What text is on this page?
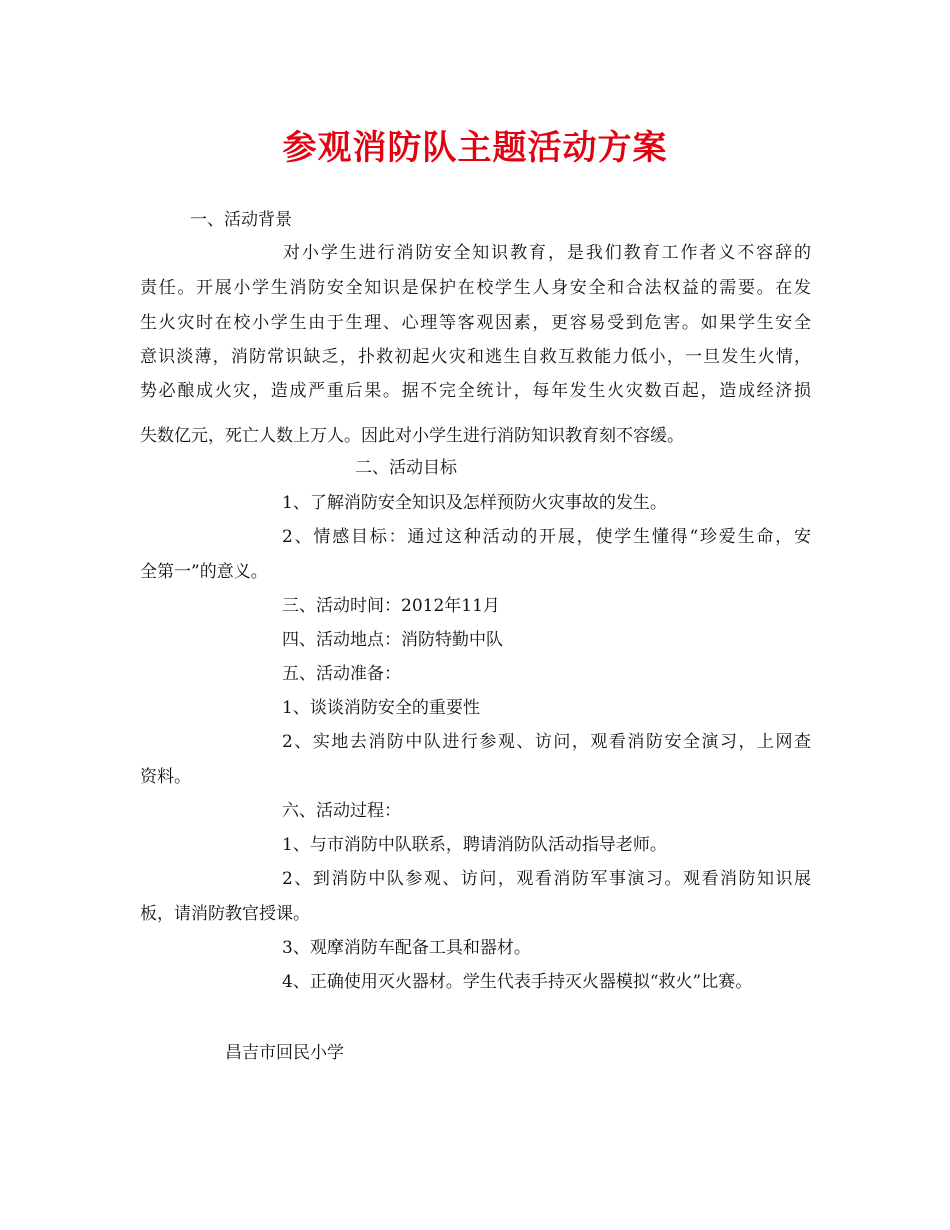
参观消防队主题活动方案
一、活动背景
对小学生进行消防安全知识教育，是我们教育工作者义不容辞的
责任。开展小学生消防安全知识是保护在校学生人身安全和合法权益的需要。在发
生火灾时在校小学生由于生理、心理等客观因素，更容易受到危害。如果学生安全
意识淡薄，消防常识缺乏，扑救初起火灾和逃生自救互救能力低小，一旦发生火情，
势必酿成火灾，造成严重后果。据不完全统计，每年发生火灾数百起，造成经济损
失数亿元，死亡人数上万人。因此对小学生进行消防知识教育刻不容缓。
二、活动目标
1、了解消防安全知识及怎样预防火灾事故的发生。
2、情感目标：通过这种活动的开展，使学生懂得“珍爱生命，安
全第一”的意义。
三、活动时间：2012年11月
四、活动地点：消防特勤中队
五、活动准备：
1、谈谈消防安全的重要性
2、实地去消防中队进行参观、访问，观看消防安全演习，上网查
资料。
六、活动过程：
1、与市消防中队联系，聘请消防队活动指导老师。
2、到消防中队参观、访问，观看消防军事演习。观看消防知识展
板，请消防教官授课。
3、观摩消防车配备工具和器材。
4、正确使用灭火器材。学生代表手持灭火器模拟“救火”比赛。
昌吉市回民小学
